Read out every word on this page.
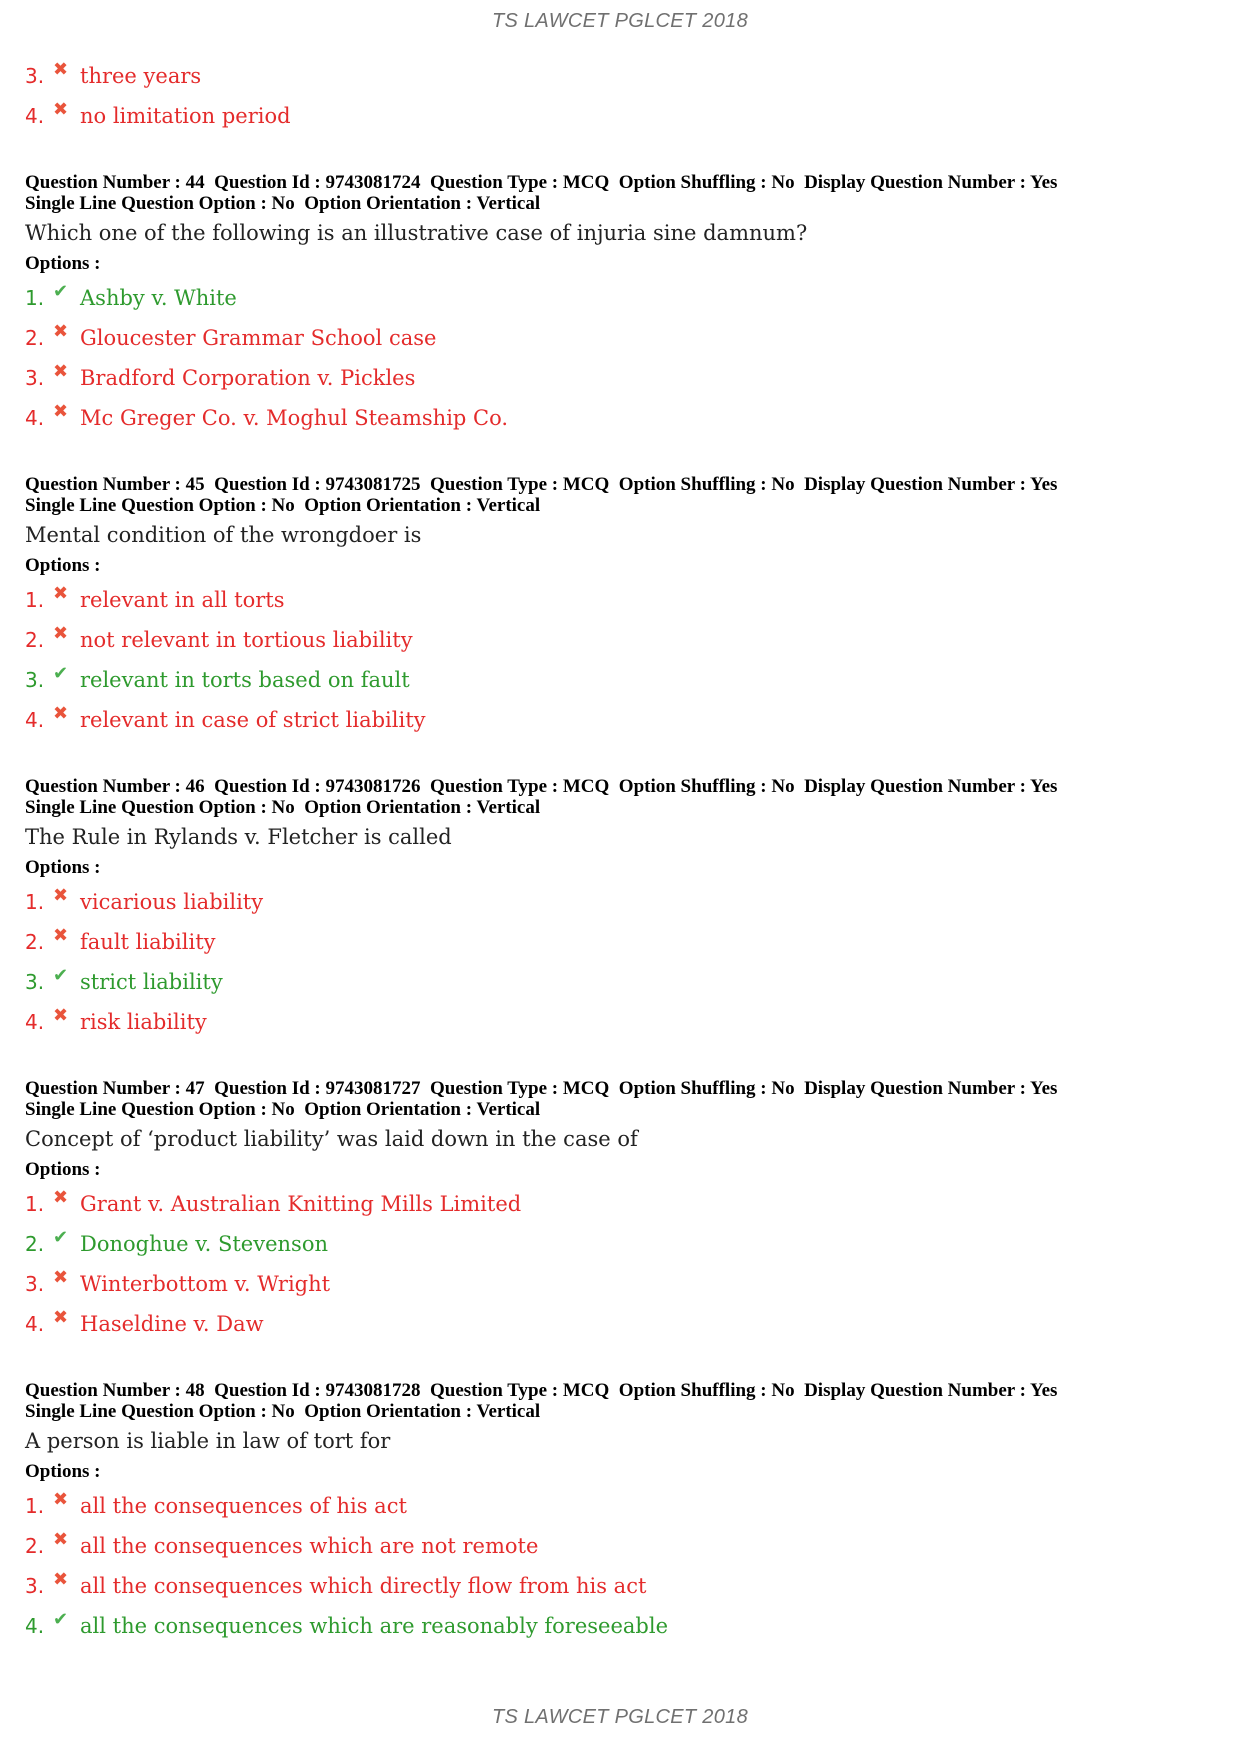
TS LAWCET PGLCET 2018
3. ✖ three years
4. ✖ no limitation period
Question Number : 44  Question Id : 9743081724  Question Type : MCQ  Option Shuffling : No  Display Question Number : Yes
Single Line Question Option : No  Option Orientation : Vertical
Which one of the following is an illustrative case of injuria sine damnum?
Options :
1. ✔ Ashby v. White
2. ✖ Gloucester Grammar School case
3. ✖ Bradford Corporation v. Pickles
4. ✖ Mc Greger Co. v. Moghul Steamship Co.
Question Number : 45  Question Id : 9743081725  Question Type : MCQ  Option Shuffling : No  Display Question Number : Yes
Single Line Question Option : No  Option Orientation : Vertical
Mental condition of the wrongdoer is
Options :
1. ✖ relevant in all torts
2. ✖ not relevant in tortious liability
3. ✔ relevant in torts based on fault
4. ✖ relevant in case of strict liability
Question Number : 46  Question Id : 9743081726  Question Type : MCQ  Option Shuffling : No  Display Question Number : Yes
Single Line Question Option : No  Option Orientation : Vertical
The Rule in Rylands v. Fletcher is called
Options :
1. ✖ vicarious liability
2. ✖ fault liability
3. ✔ strict liability
4. ✖ risk liability
Question Number : 47  Question Id : 9743081727  Question Type : MCQ  Option Shuffling : No  Display Question Number : Yes
Single Line Question Option : No  Option Orientation : Vertical
Concept of ‘product liability’ was laid down in the case of
Options :
1. ✖ Grant v. Australian Knitting Mills Limited
2. ✔ Donoghue v. Stevenson
3. ✖ Winterbottom v. Wright
4. ✖ Haseldine v. Daw
Question Number : 48  Question Id : 9743081728  Question Type : MCQ  Option Shuffling : No  Display Question Number : Yes
Single Line Question Option : No  Option Orientation : Vertical
A person is liable in law of tort for
Options :
1. ✖ all the consequences of his act
2. ✖ all the consequences which are not remote
3. ✖ all the consequences which directly flow from his act
4. ✔ all the consequences which are reasonably foreseeable
TS LAWCET PGLCET 2018
